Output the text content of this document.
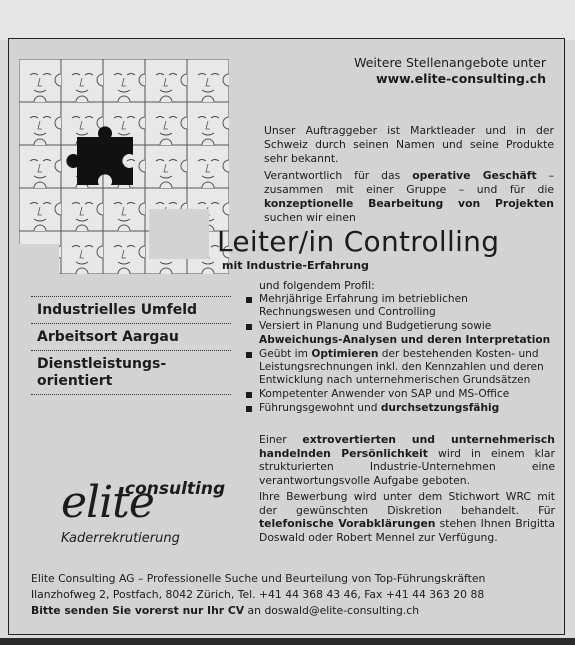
Weitere Stellenangebote unter
www.elite-consulting.ch

Unser Auftraggeber ist Marktleader und in der Schweiz durch seinen Namen und seine Produkte sehr bekannt.

Verantwortlich für das operative Geschäft – zusammen mit einer Gruppe – und für die konzeptionelle Bearbeitung von Projekten suchen wir einen

Leiter/in Controlling
mit Industrie-Erfahrung
und folgendem Profil:
Mehrjährige Erfahrung im betrieblichen Rechnungswesen und Controlling
Versiert in Planung und Budgetierung sowie Abweichungs-Analysen und deren Interpretation
Geübt im Optimieren der bestehenden Kosten- und Leistungsrechnungen inkl. den Kennzahlen und deren Entwicklung nach unternehmerischen Grundsätzen
Kompetenter Anwender von SAP und MS-Office
Führungsgewohnt und durchsetzungsfähig
Einer extrovertierten und unternehmerisch handelnden Persönlichkeit wird in einem klar strukturierten Industrie-Unternehmen eine verantwortungsvolle Aufgabe geboten.
Ihre Bewerbung wird unter dem Stichwort WRC mit der gewünschten Diskretion behandelt. Für telefonische Vorabklärungen stehen Ihnen Brigitta Doswald oder Robert Mennel zur Verfügung.
Industrielles Umfeld
Arbeitsort Aargau
Dienstleistungs-
orientiert
elite
consulting
Kaderrekrutierung
Elite Consulting AG – Professionelle Suche und Beurteilung von Top-Führungskräften
Ilanzhofweg 2, Postfach, 8042 Zürich, Tel. +41 44 368 43 46, Fax +41 44 363 20 88
Bitte senden Sie vorerst nur Ihr CV an doswald@elite-consulting.ch
